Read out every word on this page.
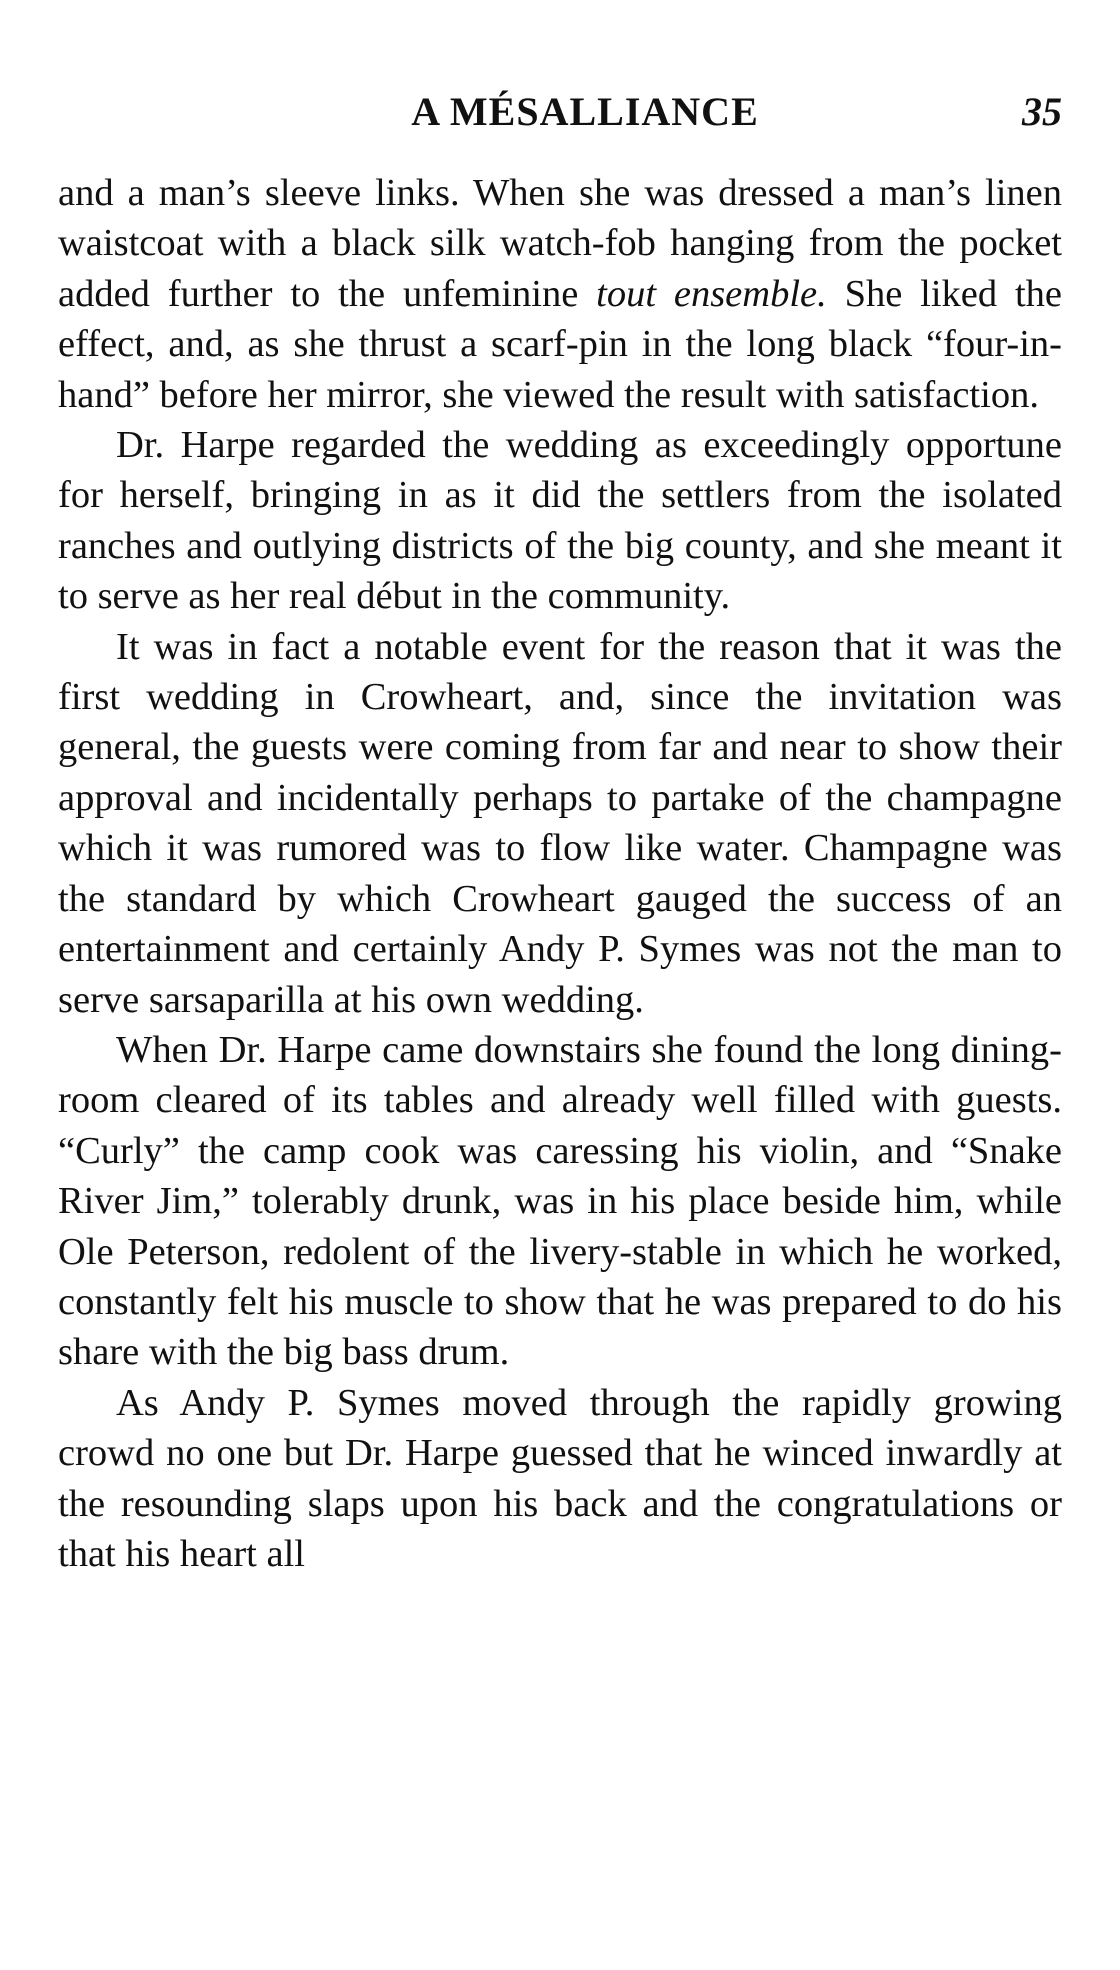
A MÉSALLIANCE	35

and a man’s sleeve links. When she was dressed a man’s linen waistcoat with a black silk watch-fob hanging from the pocket added further to the unfeminine tout ensemble. She liked the effect, and, as she thrust a scarf-pin in the long black “four-in-hand” before her mirror, she viewed the result with satisfaction.

Dr. Harpe regarded the wedding as exceedingly opportune for herself, bringing in as it did the settlers from the isolated ranches and outlying districts of the big county, and she meant it to serve as her real début in the community.

It was in fact a notable event for the reason that it was the first wedding in Crowheart, and, since the invitation was general, the guests were coming from far and near to show their approval and incidentally perhaps to partake of the champagne which it was rumored was to flow like water. Champagne was the standard by which Crowheart gauged the success of an entertainment and certainly Andy P. Symes was not the man to serve sarsaparilla at his own wedding.

When Dr. Harpe came downstairs she found the long dining-room cleared of its tables and already well filled with guests. “Curly” the camp cook was caressing his violin, and “Snake River Jim,” tolerably drunk, was in his place beside him, while Ole Peterson, redolent of the livery-stable in which he worked, constantly felt his muscle to show that he was prepared to do his share with the big bass drum.

As Andy P. Symes moved through the rapidly growing crowd no one but Dr. Harpe guessed that he winced inwardly at the resounding slaps upon his back and the congratulations or that his heart all
